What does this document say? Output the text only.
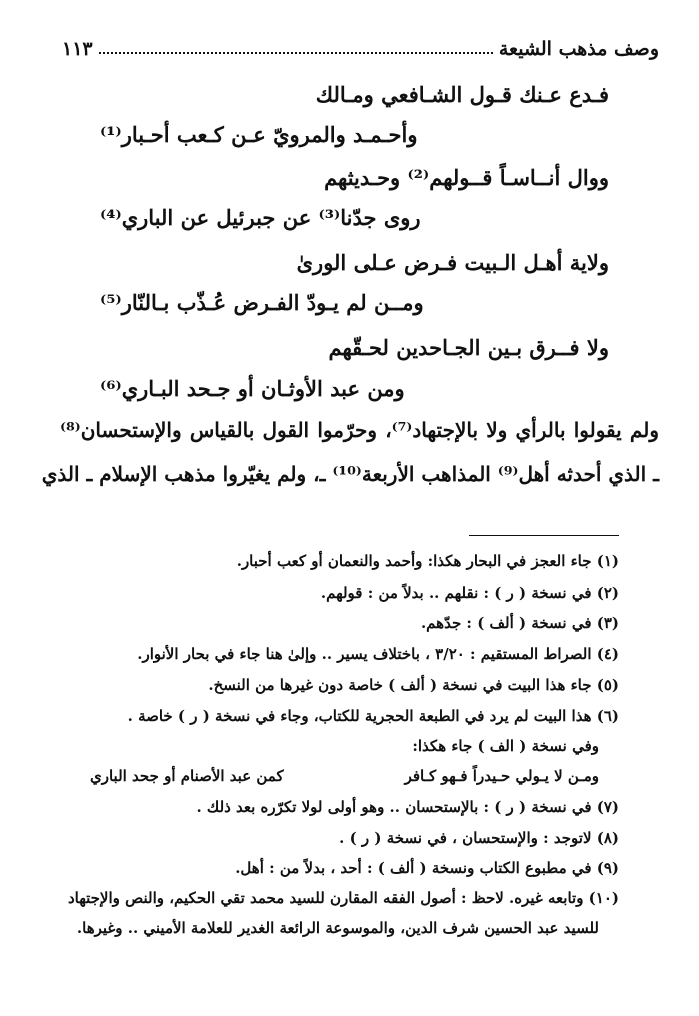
وصف مذهب الشيعة
١١٣
فـدع عـنك قـول الشـافعي ومـالك
وأحـمـد والمرويّ عـن كـعب أحـبار⁽¹⁾
ووال أنــاسـاً قــولهم⁽²⁾ وحـديثهم
روى جدّنا⁽³⁾ عن جبرئيل عن الباري⁽⁴⁾
ولاية أهـل الـبيت فـرض عـلى الورىٰ
ومــن لم يـودّ الفـرض عُـذّب بـالنّار⁽⁵⁾
ولا فــرق بـين الجـاحدين لحـقّهم
ومن عبد الأوثـان أو جـحد البـاري⁽⁶⁾
ولم يقولوا بالرأي ولا بالإجتهاد⁽⁷⁾، وحرّموا القول بالقياس والإستحسان⁽⁸⁾
ـ الذي أحدثه أهل⁽⁹⁾ المذاهب الأربعة⁽¹⁰⁾ ـ، ولم يغيّروا مذهب الإسلام ـ الذي
(١) جاء العجز في البحار هكذا: وأحمد والنعمان أو كعب أحبار.
(٢) في نسخة ( ر ) : نقلهم .. بدلاً من : قولهم.
(٣) في نسخة ( ألف ) : جدّهم.
(٤) الصراط المستقيم : ٣/٢٠ ، باختلاف يسير .. وإلىٰ هنا جاء في بحار الأنوار.
(٥) جاء هذا البيت في نسخة ( ألف ) خاصة دون غيرها من النسخ.
(٦) هذا البيت لم يرد في الطبعة الحجرية للكتاب، وجاء في نسخة ( ر ) خاصة .
وفي نسخة ( الف ) جاء هكذا:
ومـن لا يـولي حـيدراً فـهو كـافر
كمن عبد الأصنام أو جحد الباري
(٧) في نسخة ( ر ) : بالإستحسان .. وهو أولى لولا تكرّره بعد ذلك .
(٨) لاتوجد : والإستحسان ، في نسخة ( ر ) .
(٩) في مطبوع الكتاب ونسخة ( ألف ) : أحد ، بدلاً من : أهل.
(١٠) وتابعه غيره. لاحظ : أصول الفقه المقارن للسيد محمد تقي الحكيم، والنص والإجتهاد
للسيد عبد الحسين شرف الدين، والموسوعة الرائعة الغدير للعلامة الأميني .. وغيرها.
